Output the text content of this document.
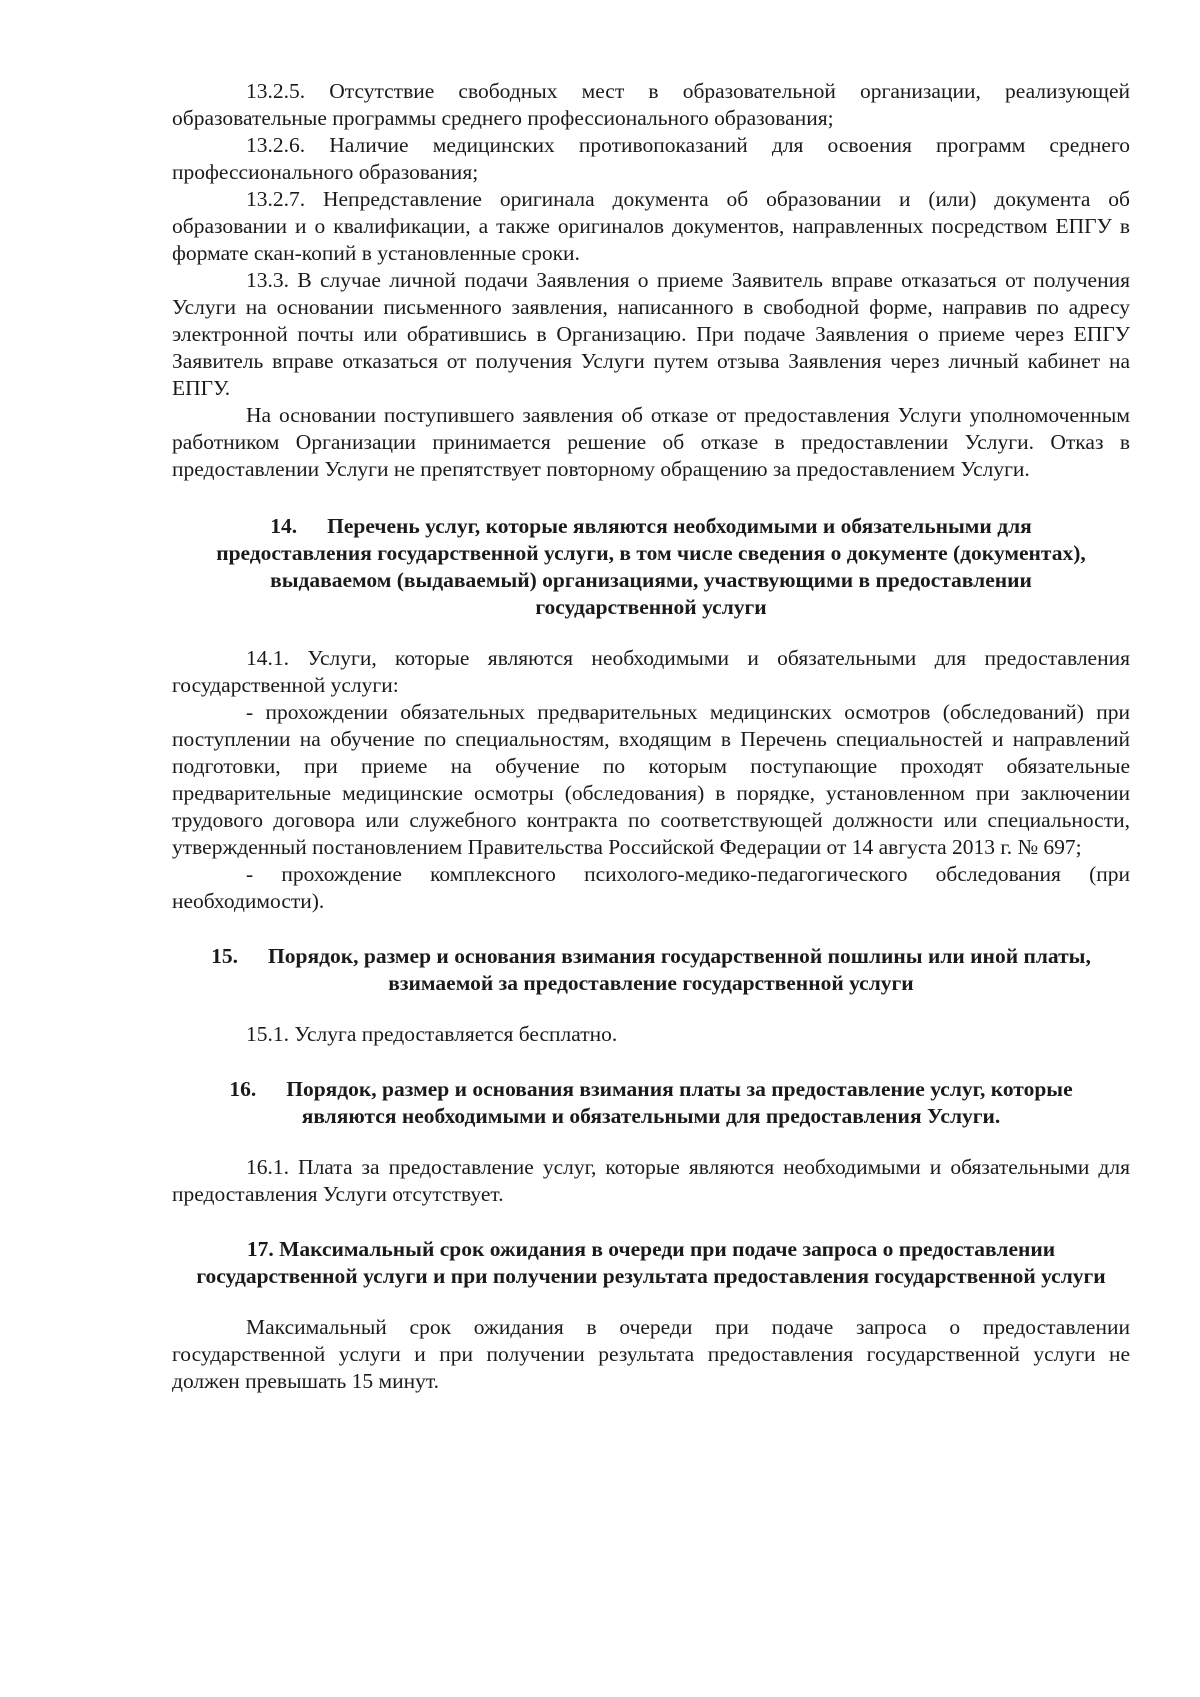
13.2.5. Отсутствие свободных мест в образовательной организации, реализующей образовательные программы среднего профессионального образования;

13.2.6. Наличие медицинских противопоказаний для освоения программ среднего профессионального образования;

13.2.7. Непредставление оригинала документа об образовании и (или) документа об образовании и о квалификации, а также оригиналов документов, направленных посредством ЕПГУ в формате скан-копий в установленные сроки.

13.3. В случае личной подачи Заявления о приеме Заявитель вправе отказаться от получения Услуги на основании письменного заявления, написанного в свободной форме, направив по адресу электронной почты или обратившись в Организацию. При подаче Заявления о приеме через ЕПГУ Заявитель вправе отказаться от получения Услуги путем отзыва Заявления через личный кабинет на ЕПГУ.

На основании поступившего заявления об отказе от предоставления Услуги уполномоченным работником Организации принимается решение об отказе в предоставлении Услуги. Отказ в предоставлении Услуги не препятствует повторному обращению за предоставлением Услуги.

14. Перечень услуг, которые являются необходимыми и обязательными для предоставления государственной услуги, в том числе сведения о документе (документах), выдаваемом (выдаваемый) организациями, участвующими в предоставлении государственной услуги

14.1. Услуги, которые являются необходимыми и обязательными для предоставления государственной услуги:

- прохождении обязательных предварительных медицинских осмотров (обследований) при поступлении на обучение по специальностям, входящим в Перечень специальностей и направлений подготовки, при приеме на обучение по которым поступающие проходят обязательные предварительные медицинские осмотры (обследования) в порядке, установленном при заключении трудового договора или служебного контракта по соответствующей должности или специальности, утвержденный постановлением Правительства Российской Федерации от 14 августа 2013 г. № 697;

- прохождение комплексного психолого-медико-педагогического обследования (при необходимости).

15. Порядок, размер и основания взимания государственной пошлины или иной платы, взимаемой за предоставление государственной услуги

15.1. Услуга предоставляется бесплатно.

16. Порядок, размер и основания взимания платы за предоставление услуг, которые являются необходимыми и обязательными для предоставления Услуги.

16.1. Плата за предоставление услуг, которые являются необходимыми и обязательными для предоставления Услуги отсутствует.

17. Максимальный срок ожидания в очереди при подаче запроса о предоставлении государственной услуги и при получении результата предоставления государственной услуги

Максимальный срок ожидания в очереди при подаче запроса о предоставлении государственной услуги и при получении результата предоставления государственной услуги не должен превышать 15 минут.
